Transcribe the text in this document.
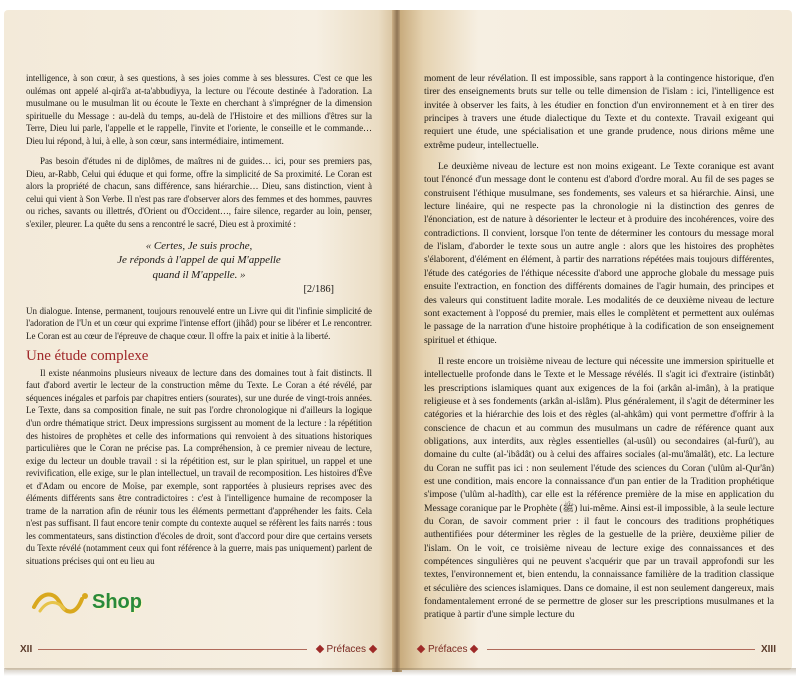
intelligence, à son cœur, à ses questions, à ses joies comme à ses blessures. C'est ce que les oulémas ont appelé al-qirâ'a at-ta'abbudiyya, la lecture ou l'écoute destinée à l'adoration. La musulmane ou le musulman lit ou écoute le Texte en cherchant à s'imprégner de la dimension spirituelle du Message : au-delà du temps, au-delà de l'Histoire et des millions d'êtres sur la Terre, Dieu lui parle, l'appelle et le rappelle, l'invite et l'oriente, le conseille et le commande… Dieu lui répond, à lui, à elle, à son cœur, sans intermédiaire, intimement.

Pas besoin d'études ni de diplômes, de maîtres ni de guides… ici, pour ses premiers pas, Dieu, ar-Rabb, Celui qui éduque et qui forme, offre la simplicité de Sa proximité. Le Coran est alors la propriété de chacun, sans différence, sans hiérarchie… Dieu, sans distinction, vient à celui qui vient à Son Verbe. Il n'est pas rare d'observer alors des femmes et des hommes, pauvres ou riches, savants ou illettrés, d'Orient ou d'Occident…, faire silence, regarder au loin, penser, s'exiler, pleurer. La quête du sens a rencontré le sacré, Dieu est à proximité :

« Certes, Je suis proche,
Je réponds à l'appel de qui M'appelle
quand il M'appelle. »
[2/186]

Un dialogue. Intense, permanent, toujours renouvelé entre un Livre qui dit l'infinie simplicité de l'adoration de l'Un et un cœur qui exprime l'intense effort (jihâd) pour se libérer et Le rencontrer. Le Coran est au cœur de l'épreuve de chaque cœur. Il offre la paix et initie à la liberté.

Une étude complexe

Il existe néanmoins plusieurs niveaux de lecture dans des domaines tout à fait distincts. Il faut d'abord avertir le lecteur de la construction même du Texte. Le Coran a été révélé, par séquences inégales et parfois par chapitres entiers (sourates), sur une durée de vingt-trois années. Le Texte, dans sa composition finale, ne suit pas l'ordre chronologique ni d'ailleurs la logique d'un ordre thématique strict. Deux impressions surgissent au moment de la lecture : la répétition des histoires de prophètes et celle des informations qui renvoient à des situations historiques particulières que le Coran ne précise pas. La compréhension, à ce premier niveau de lecture, exige du lecteur un double travail : si la répétition est, sur le plan spirituel, un rappel et une revivification, elle exige, sur le plan intellectuel, un travail de recomposition. Les histoires d'Ève et d'Adam ou encore de Moïse, par exemple, sont rapportées à plusieurs reprises avec des éléments différents sans être contradictoires : c'est à l'intelligence humaine de recomposer la trame de la narration afin de réunir tous les éléments permettant d'appréhender les faits. Cela n'est pas suffisant. Il faut encore tenir compte du contexte auquel se réfèrent les faits narrés : tous les commentateurs, sans distinction d'écoles de droit, sont d'accord pour dire que certains versets du Texte révélé (notamment ceux qui font référence à la guerre, mais pas uniquement) parlent de situations précises qui ont eu lieu au

XII	Préfaces
Shop

moment de leur révélation. Il est impossible, sans rapport à la contingence historique, d'en tirer des enseignements bruts sur telle ou telle dimension de l'islam : ici, l'intelligence est invitée à observer les faits, à les étudier en fonction d'un environnement et à en tirer des principes à travers une étude dialectique du Texte et du contexte. Travail exigeant qui requiert une étude, une spécialisation et une grande prudence, nous dirions même une extrême pudeur, intellectuelle.

Le deuxième niveau de lecture est non moins exigeant. Le Texte coranique est avant tout l'énoncé d'un message dont le contenu est d'abord d'ordre moral. Au fil de ses pages se construisent l'éthique musulmane, ses fondements, ses valeurs et sa hiérarchie. Ainsi, une lecture linéaire, qui ne respecte pas la chronologie ni la distinction des genres de l'énonciation, est de nature à désorienter le lecteur et à produire des incohérences, voire des contradictions. Il convient, lorsque l'on tente de déterminer les contours du message moral de l'islam, d'aborder le texte sous un autre angle : alors que les histoires des prophètes s'élaborent, d'élément en élément, à partir des narrations répétées mais toujours différentes, l'étude des catégories de l'éthique nécessite d'abord une approche globale du message puis ensuite l'extraction, en fonction des différents domaines de l'agir humain, des principes et des valeurs qui constituent ladite morale. Les modalités de ce deuxième niveau de lecture sont exactement à l'opposé du premier, mais elles le complètent et permettent aux oulémas le passage de la narration d'une histoire prophétique à la codification de son enseignement spirituel et éthique.

Il reste encore un troisième niveau de lecture qui nécessite une immersion spirituelle et intellectuelle profonde dans le Texte et le Message révélés. Il s'agit ici d'extraire (istinbât) les prescriptions islamiques quant aux exigences de la foi (arkân al-imân), à la pratique religieuse et à ses fondements (arkân al-islâm). Plus généralement, il s'agit de déterminer les catégories et la hiérarchie des lois et des règles (al-ahkâm) qui vont permettre d'offrir à la conscience de chacun et au commun des musulmans un cadre de référence quant aux obligations, aux interdits, aux règles essentielles (al-usûl) ou secondaires (al-furû'), au domaine du culte (al-'ibâdât) ou à celui des affaires sociales (al-mu'âmalât), etc. La lecture du Coran ne suffit pas ici : non seulement l'étude des sciences du Coran ('ulûm al-Qur'ân) est une condition, mais encore la connaissance d'un pan entier de la Tradition prophétique s'impose ('ulûm al-hadîth), car elle est la référence première de la mise en application du Message coranique par le Prophète (ﷺ) lui-même. Ainsi est-il impossible, à la seule lecture du Coran, de savoir comment prier : il faut le concours des traditions prophétiques authentifiées pour déterminer les règles de la gestuelle de la prière, deuxième pilier de l'islam. On le voit, ce troisième niveau de lecture exige des connaissances et des compétences singulières qui ne peuvent s'acquérir que par un travail approfondi sur les textes, l'environnement et, bien entendu, la connaissance familière de la tradition classique et séculière des sciences islamiques. Dans ce domaine, il est non seulement dangereux, mais fondamentalement erroné de se permettre de gloser sur les prescriptions musulmanes et la pratique à partir d'une simple lecture du

Préfaces	XIII
